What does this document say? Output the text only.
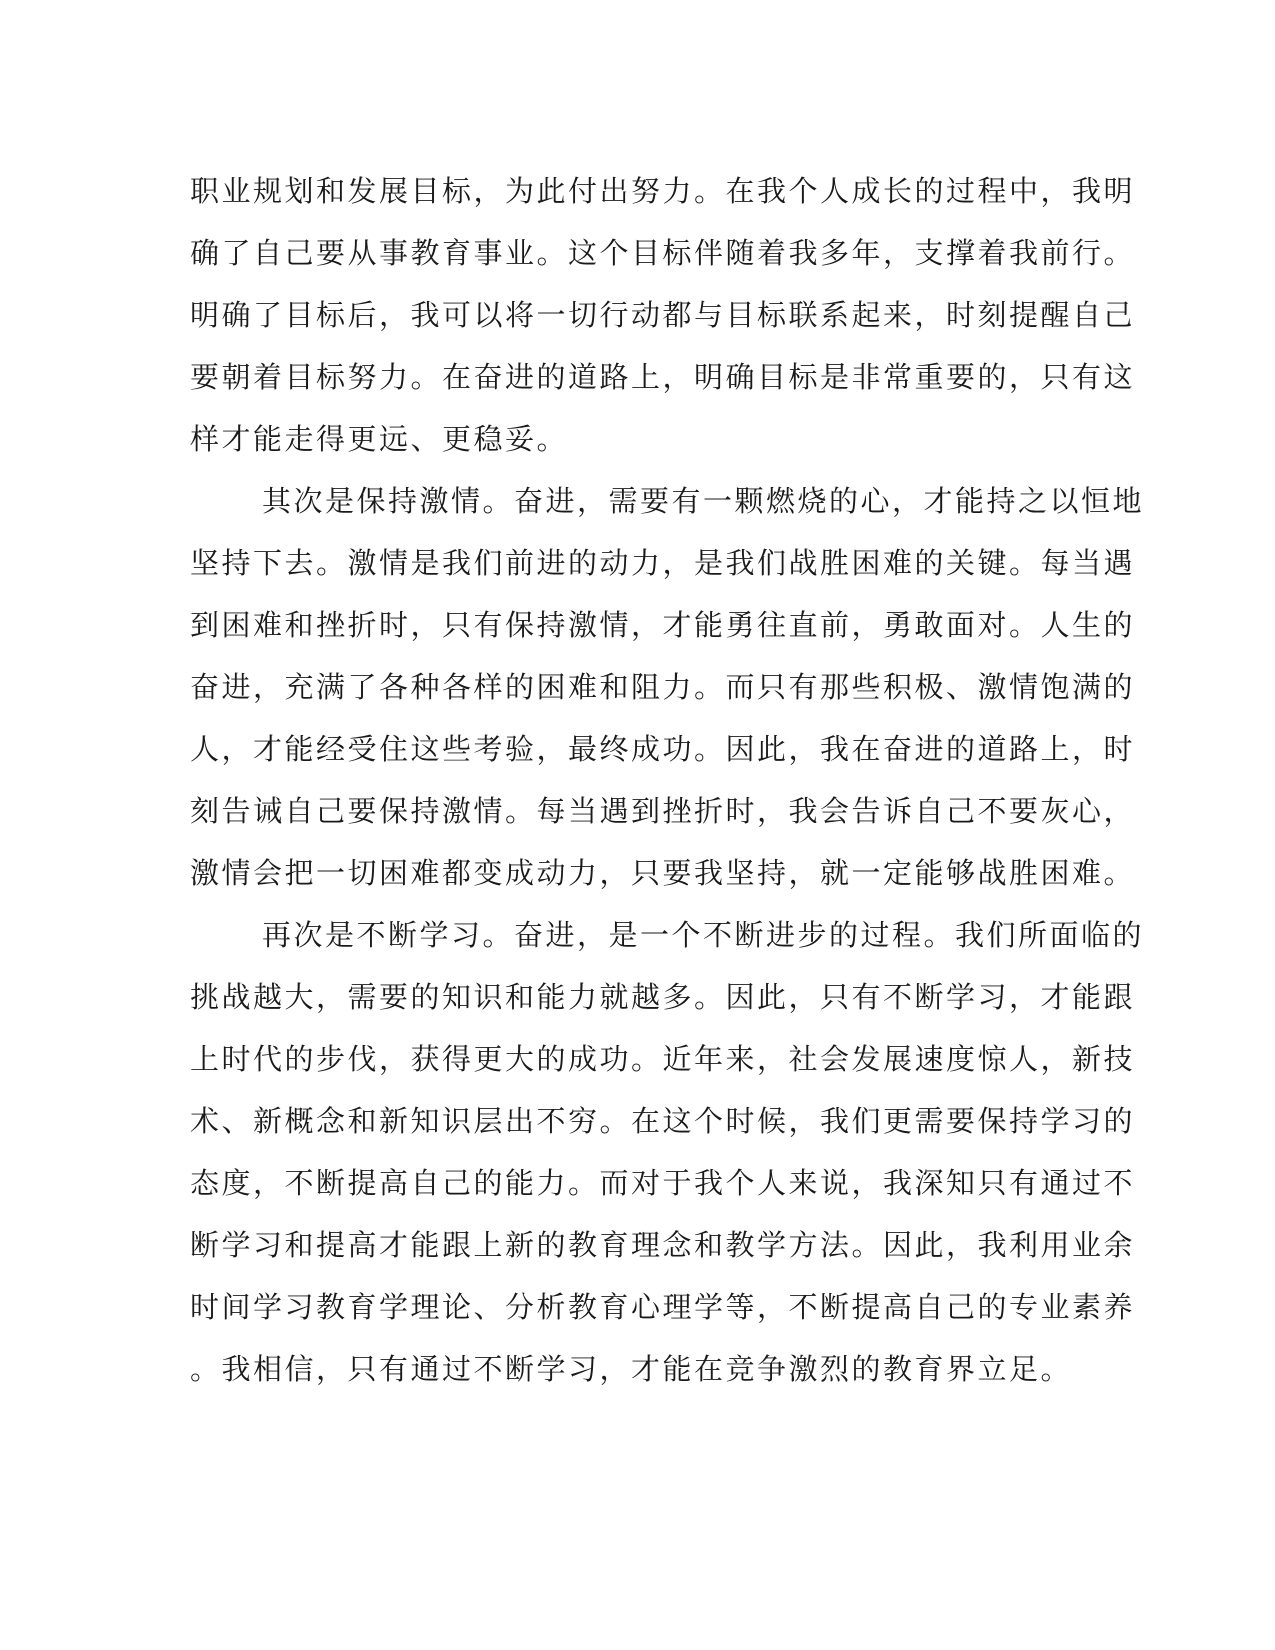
职业规划和发展目标，为此付出努力。在我个人成长的过程中，我明
确了自己要从事教育事业。这个目标伴随着我多年，支撑着我前行。
明确了目标后，我可以将一切行动都与目标联系起来，时刻提醒自己
要朝着目标努力。在奋进的道路上，明确目标是非常重要的，只有这
样才能走得更远、更稳妥。
其次是保持激情。奋进，需要有一颗燃烧的心，才能持之以恒地
坚持下去。激情是我们前进的动力，是我们战胜困难的关键。每当遇
到困难和挫折时，只有保持激情，才能勇往直前，勇敢面对。人生的
奋进，充满了各种各样的困难和阻力。而只有那些积极、激情饱满的
人，才能经受住这些考验，最终成功。因此，我在奋进的道路上，时
刻告诫自己要保持激情。每当遇到挫折时，我会告诉自己不要灰心，
激情会把一切困难都变成动力，只要我坚持，就一定能够战胜困难。
再次是不断学习。奋进，是一个不断进步的过程。我们所面临的
挑战越大，需要的知识和能力就越多。因此，只有不断学习，才能跟
上时代的步伐，获得更大的成功。近年来，社会发展速度惊人，新技
术、新概念和新知识层出不穷。在这个时候，我们更需要保持学习的
态度，不断提高自己的能力。而对于我个人来说，我深知只有通过不
断学习和提高才能跟上新的教育理念和教学方法。因此，我利用业余
时间学习教育学理论、分析教育心理学等，不断提高自己的专业素养
。我相信，只有通过不断学习，才能在竞争激烈的教育界立足。
